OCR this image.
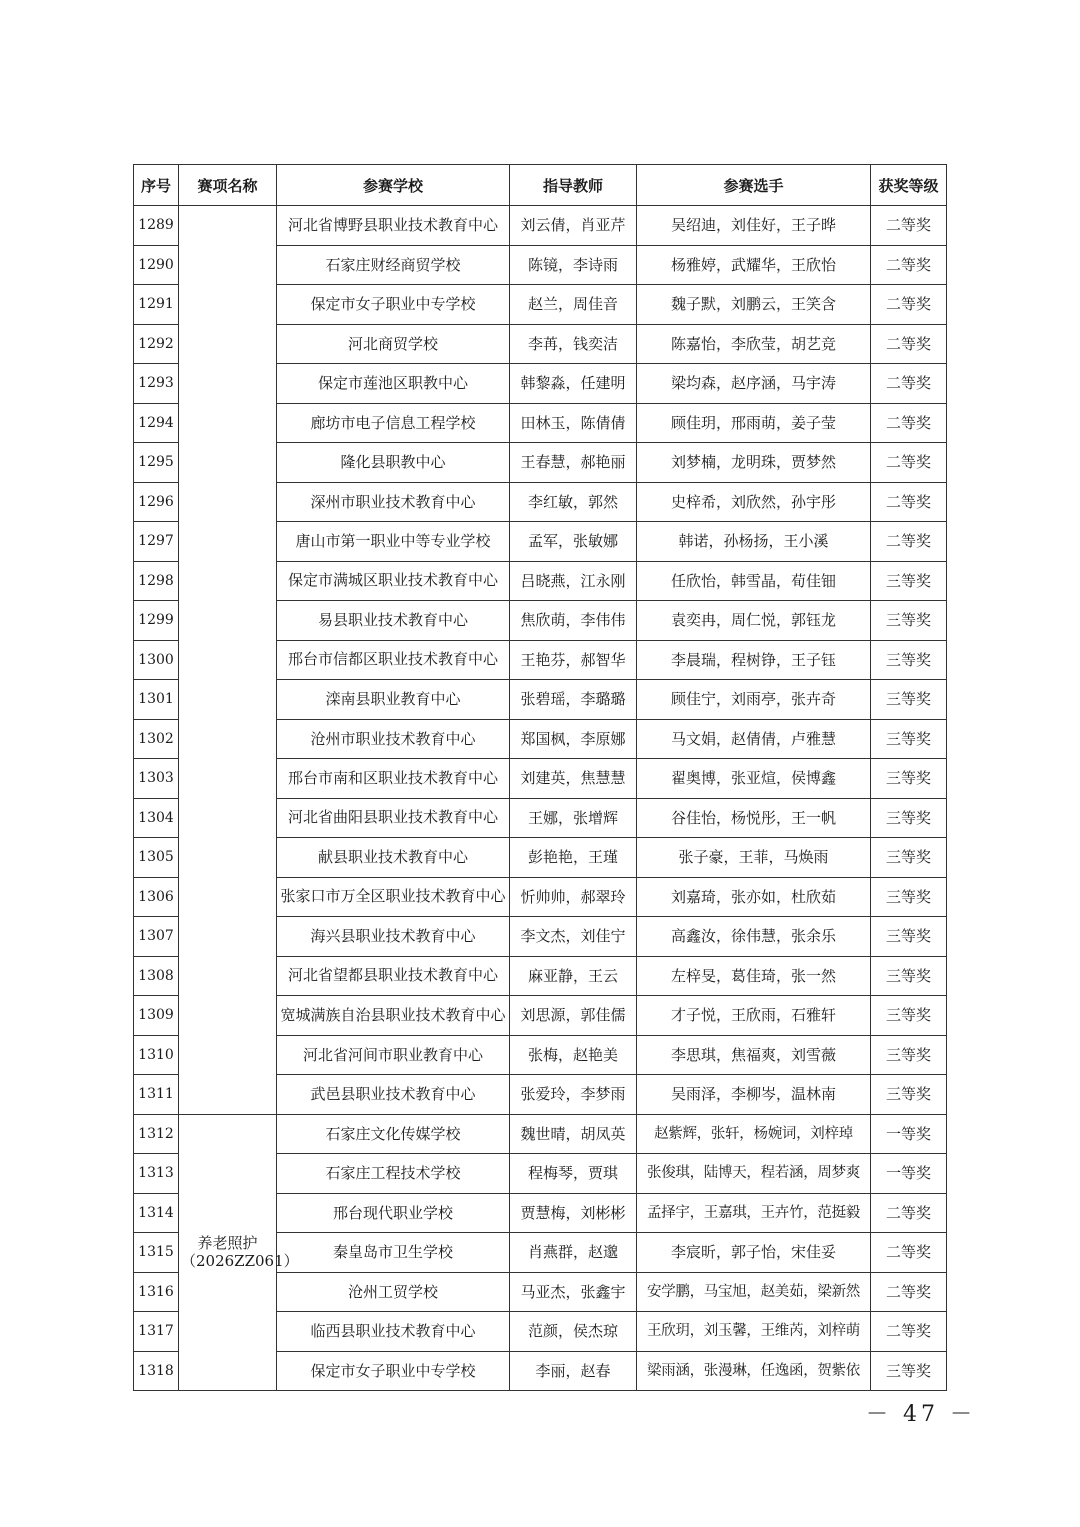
序号	赛项名称	参赛学校	指导教师	参赛选手	获奖等级
1289		河北省博野县职业技术教育中心	刘云倩，肖亚芹	吴绍迪，刘佳好，王子晔	二等奖
1290		石家庄财经商贸学校	陈镜，李诗雨	杨雅婷，武耀华，王欣怡	二等奖
1291		保定市女子职业中专学校	赵兰，周佳音	魏子默，刘鹏云，王笑含	二等奖
1292		河北商贸学校	李苒，钱奕洁	陈嘉怡，李欣莹，胡艺竞	二等奖
1293		保定市莲池区职教中心	韩黎淼，任建明	梁均森，赵序涵，马宇涛	二等奖
1294		廊坊市电子信息工程学校	田林玉，陈倩倩	顾佳玥，邢雨萌，姜子莹	二等奖
1295		隆化县职教中心	王春慧，郝艳丽	刘梦楠，龙明珠，贾梦然	二等奖
1296		深州市职业技术教育中心	李红敏，郭然	史梓希，刘欣然，孙宇彤	二等奖
1297		唐山市第一职业中等专业学校	孟军，张敏娜	韩诺，孙杨扬，王小溪	二等奖
1298		保定市满城区职业技术教育中心	吕晓燕，江永刚	任欣怡，韩雪晶，荀佳钿	三等奖
1299		易县职业技术教育中心	焦欣萌，李伟伟	袁奕冉，周仁悦，郭钰龙	三等奖
1300		邢台市信都区职业技术教育中心	王艳芬，郝智华	李晨瑞，程树铮，王子钰	三等奖
1301		滦南县职业教育中心	张碧瑶，李璐璐	顾佳宁，刘雨亭，张卉奇	三等奖
1302		沧州市职业技术教育中心	郑国枫，李原娜	马文娟，赵倩倩，卢雅慧	三等奖
1303		邢台市南和区职业技术教育中心	刘建英，焦慧慧	翟奥博，张亚煊，侯博鑫	三等奖
1304		河北省曲阳县职业技术教育中心	王娜，张增辉	谷佳怡，杨悦彤，王一帆	三等奖
1305		献县职业技术教育中心	彭艳艳，王瑾	张子豪，王菲，马焕雨	三等奖
1306		张家口市万全区职业技术教育中心	忻帅帅，郝翠玲	刘嘉琦，张亦如，杜欣茹	三等奖
1307		海兴县职业技术教育中心	李文杰，刘佳宁	高鑫汝，徐伟慧，张余乐	三等奖
1308		河北省望都县职业技术教育中心	麻亚静，王云	左梓旻，葛佳琦，张一然	三等奖
1309		宽城满族自治县职业技术教育中心	刘思源，郭佳儒	才子悦，王欣雨，石雅轩	三等奖
1310		河北省河间市职业教育中心	张梅，赵艳美	李思琪，焦福爽，刘雪薇	三等奖
1311		武邑县职业技术教育中心	张爱玲，李梦雨	吴雨泽，李柳岑，温林南	三等奖
1312	养老照护（2026ZZ061）	石家庄文化传媒学校	魏世晴，胡凤英	赵紫辉，张轩，杨婉词，刘梓琸	一等奖
1313		石家庄工程技术学校	程梅琴，贾琪	张俊琪，陆博天，程若涵，周梦爽	一等奖
1314		邢台现代职业学校	贾慧梅，刘彬彬	孟择宇，王嘉琪，王卉竹，范挺毅	二等奖
1315		秦皇岛市卫生学校	肖燕群，赵邈	李宸昕，郭子怡，宋佳妥	二等奖
1316		沧州工贸学校	马亚杰，张鑫宇	安学鹏，马宝旭，赵美茹，梁新然	二等奖
1317		临西县职业技术教育中心	范颜，侯杰琼	王欣玥，刘玉馨，王维芮，刘梓萌	二等奖
1318		保定市女子职业中专学校	李丽，赵春	梁雨涵，张漫琳，任逸函，贺紫依	三等奖
－ 47 －
